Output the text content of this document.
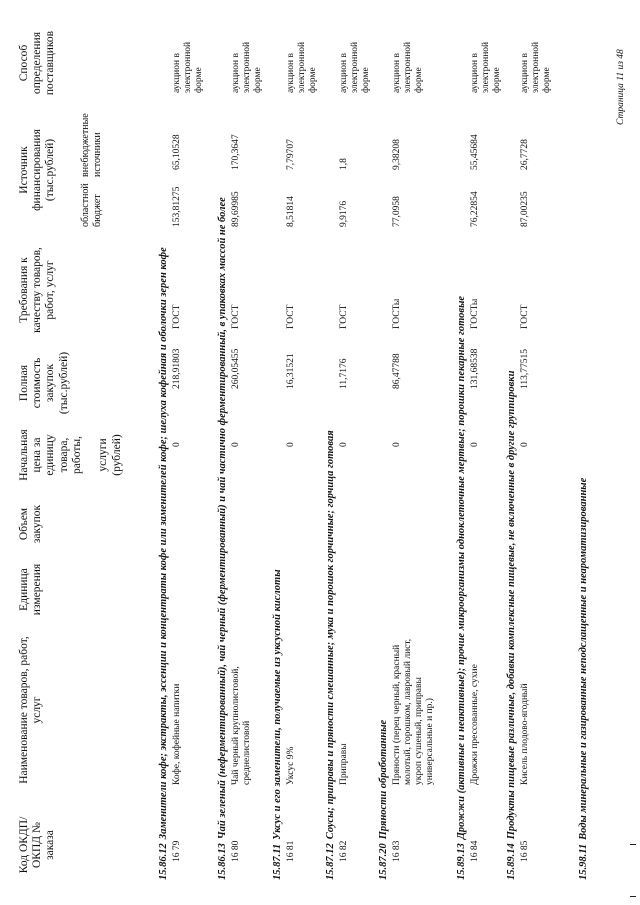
Код ОКДП/ ОКПД № заказа
Наименование товаров, работ, услуг
Единица измерения
Объем закупок
Начальная цена за единицу товара, работы, услуги (рублей)
Полная стоимость закупок (тыс.рублей)
Требования к качеству товаров, работ, услуг
Источник финансирования (тыс.рублей)
областной бюджет
внебюджетные источники
Способ определения поставщиков
15.86.12Заменители кофе; экстракты, эссенции и концентраты кофе или заменителей кофе; шелуха кофейная и оболочки зерен кофе
16 79
Кофе, кофейные напитки
0
218,91803
ГОСТ
153,81275
65,10528
аукцион в электронной форме
15.86.13Чай зеленый (неферментированный), чай черный (ферментированный) и чай частично ферментированный, в упаковках массой не более
16 80
Чай черный крупнолистовой, среднелистовой
0
260,05455
ГОСТ
89,69985
170,3647
аукцион в электронной форме
15.87.11Уксус и его заменители, получаемые из уксусной кислоты
16 81
Уксус 9%
0
16,31521
ГОСТ
8,51814
7,79707
аукцион в электронной форме
15.87.12Соусы; приправы и пряности смешанные; мука и порошок горчичные; горчица готовая
16 82
Приправы
0
11,7176
ГОСТ
9,9176
1,8
аукцион в электронной форме
15.87.20Пряности обработанные
16 83
Пряности (перец черный, красный молотый, горошком, лавровый лист, укроп сушеный, приправы универсальные и пр.)
0
86,47788
ГОСТы
77,0958
9,38208
аукцион в электронной форме
15.89.13Дрожжи (активные и неактивные); прочие микроорганизмы одноклеточные мертвые; порошки пекарные готовые
16 84
Дрожжи прессованные, сухие
0
131,68538
ГОСТы
76,22854
55,45684
аукцион в электронной форме
15.89.14Продукты пищевые различные, добавки комплексные пищевые, не включенные в другие группировки
16 85
Кисель плодово-ягодный
0
113,77515
ГОСТ
87,00235
26,7728
аукцион в электронной форме
15.98.11Воды минеральные и газированные неподслащенные и неароматизированные
Страница 11 из 48
